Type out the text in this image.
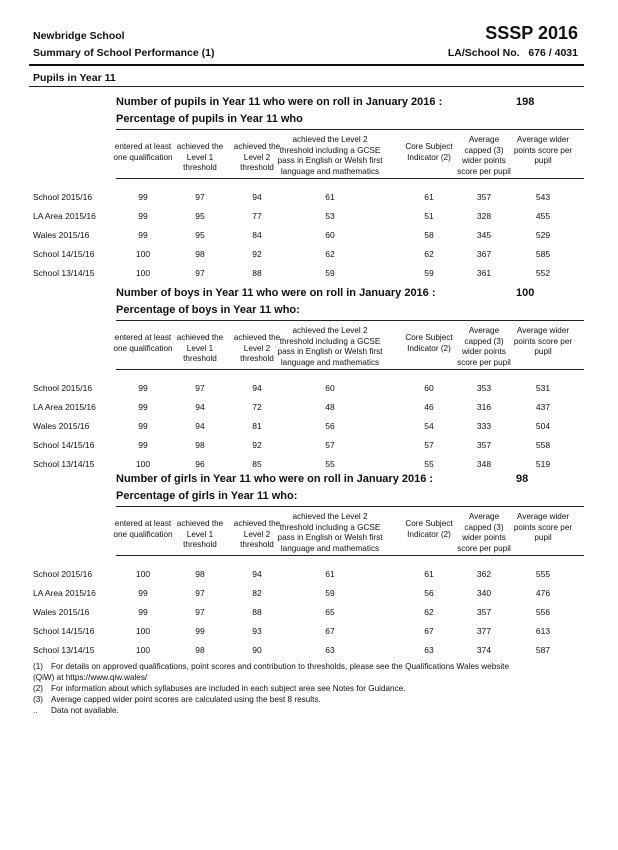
Newbridge School
Summary of School Performance (1)
SSSP 2016
LA/School No. 676 / 4031
Pupils in Year 11
Number of pupils in Year 11 who were on roll in January 2016 :	198
Percentage of pupils in Year 11 who
entered at least one qualification
achieved the Level 1 threshold
achieved the Level 2 threshold
achieved the Level 2 threshold including a GCSE pass in English or Welsh first language and mathematics
Core Subject Indicator (2)
Average capped (3) wider points score per pupil
Average wider points score per pupil
School 2015/16	99	97	94	61	61	357	543
LA Area 2015/16	99	95	77	53	51	328	455
Wales 2015/16	99	95	84	60	58	345	529
School 14/15/16	100	98	92	62	62	367	585
School 13/14/15	100	97	88	59	59	361	552
Number of boys in Year 11 who were on roll in January 2016 :	100
Percentage of boys in Year 11 who:
entered at least one qualification
achieved the Level 1 threshold
achieved the Level 2 threshold
achieved the Level 2 threshold including a GCSE pass in English or Welsh first language and mathematics
Core Subject Indicator (2)
Average capped (3) wider points score per pupil
Average wider points score per pupil
School 2015/16	99	97	94	60	60	353	531
LA Area 2015/16	99	94	72	48	46	316	437
Wales 2015/16	99	94	81	56	54	333	504
School 14/15/16	99	98	92	57	57	357	558
School 13/14/15	100	96	85	55	55	348	519
Number of girls in Year 11 who were on roll in January 2016 :	98
Percentage of girls in Year 11 who:
entered at least one qualification
achieved the Level 1 threshold
achieved the Level 2 threshold
achieved the Level 2 threshold including a GCSE pass in English or Welsh first language and mathematics
Core Subject Indicator (2)
Average capped (3) wider points score per pupil
Average wider points score per pupil
School 2015/16	100	98	94	61	61	362	555
LA Area 2015/16	99	97	82	59	56	340	476
Wales 2015/16	99	97	88	65	62	357	556
School 14/15/16	100	99	93	67	67	377	613
School 13/14/15	100	98	90	63	63	374	587
(1) For details on approved qualifications, point scores and contribution to thresholds, please see the Qualifications Wales website
(QiW) at https://www.qiw.wales/
(2) For information about which syllabuses are included in each subject area see Notes for Guidance.
(3) Average capped wider point scores are calculated using the best 8 results.
.. Data not available.
